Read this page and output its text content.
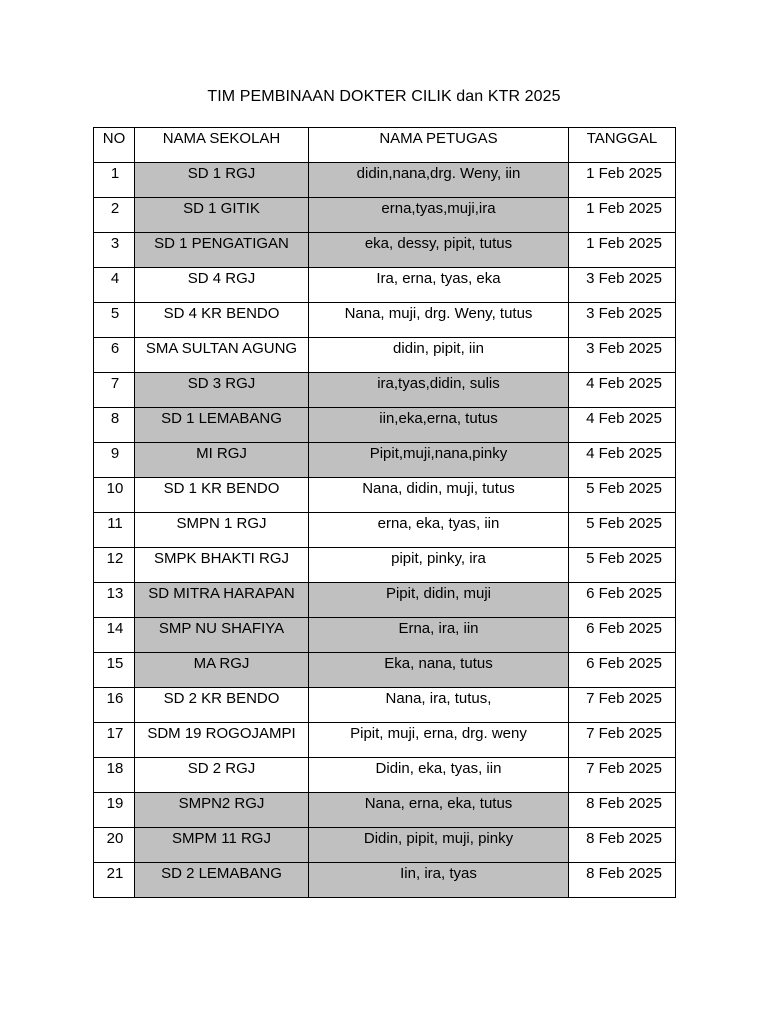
TIM PEMBINAAN DOKTER CILIK dan KTR 2025
NO	NAMA SEKOLAH	NAMA PETUGAS	TANGGAL
1	SD 1 RGJ	didin,nana,drg. Weny, iin	1 Feb 2025
2	SD 1 GITIK	erna,tyas,muji,ira	1 Feb 2025
3	SD 1 PENGATIGAN	eka, dessy, pipit, tutus	1 Feb 2025
4	SD 4 RGJ	Ira, erna, tyas, eka	3 Feb 2025
5	SD 4 KR BENDO	Nana, muji, drg. Weny, tutus	3 Feb 2025
6	SMA SULTAN AGUNG	didin, pipit, iin	3 Feb 2025
7	SD 3 RGJ	ira,tyas,didin, sulis	4 Feb 2025
8	SD 1 LEMABANG	iin,eka,erna, tutus	4 Feb 2025
9	MI RGJ	Pipit,muji,nana,pinky	4 Feb 2025
10	SD 1 KR BENDO	Nana, didin, muji, tutus	5 Feb 2025
11	SMPN 1 RGJ	erna, eka, tyas, iin	5 Feb 2025
12	SMPK BHAKTI RGJ	pipit, pinky, ira	5 Feb 2025
13	SD MITRA HARAPAN	Pipit, didin, muji	6 Feb 2025
14	SMP NU SHAFIYA	Erna, ira, iin	6 Feb 2025
15	MA RGJ	Eka, nana, tutus	6 Feb 2025
16	SD 2 KR BENDO	Nana, ira, tutus,	7 Feb 2025
17	SDM 19 ROGOJAMPI	Pipit, muji, erna, drg. weny	7 Feb 2025
18	SD 2 RGJ	Didin, eka, tyas, iin	7 Feb 2025
19	SMPN2 RGJ	Nana, erna, eka, tutus	8 Feb 2025
20	SMPM 11 RGJ	Didin, pipit, muji, pinky	8 Feb 2025
21	SD 2 LEMABANG	Iin, ira, tyas	8 Feb 2025
